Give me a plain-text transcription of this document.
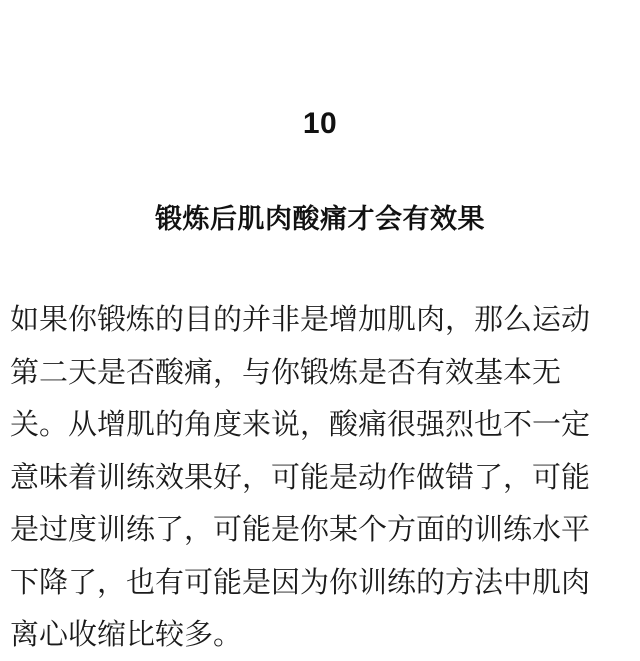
10
锻炼后肌肉酸痛才会有效果

如果你锻炼的目的并非是增加肌肉，那么运动
第二天是否酸痛，与你锻炼是否有效基本无
关。从增肌的角度来说，酸痛很强烈也不一定
意味着训练效果好，可能是动作做错了，可能
是过度训练了，可能是你某个方面的训练水平
下降了，也有可能是因为你训练的方法中肌肉
离心收缩比较多。
